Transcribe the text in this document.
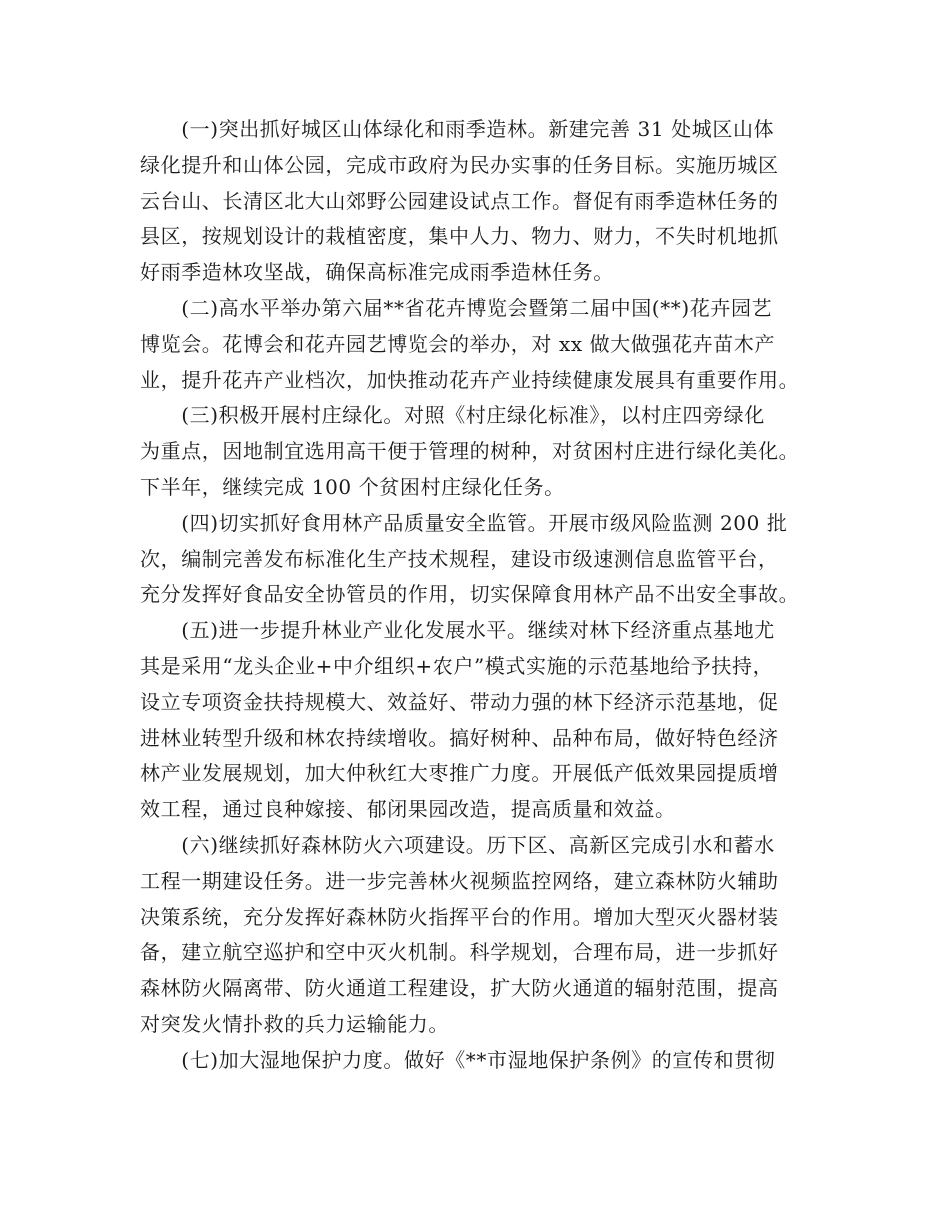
　　(一)突出抓好城区山体绿化和雨季造林。新建完善 31 处城区山体
绿化提升和山体公园，完成市政府为民办实事的任务目标。实施历城区
云台山、长清区北大山郊野公园建设试点工作。督促有雨季造林任务的
县区，按规划设计的栽植密度，集中人力、物力、财力，不失时机地抓
好雨季造林攻坚战，确保高标准完成雨季造林任务。
　　(二)高水平举办第六届**省花卉博览会暨第二届中国(**)花卉园艺
博览会。花博会和花卉园艺博览会的举办，对 xx 做大做强花卉苗木产
业，提升花卉产业档次，加快推动花卉产业持续健康发展具有重要作用。
　　(三)积极开展村庄绿化。对照《村庄绿化标准》，以村庄四旁绿化
为重点，因地制宜选用高干便于管理的树种，对贫困村庄进行绿化美化。
下半年，继续完成 100 个贫困村庄绿化任务。
　　(四)切实抓好食用林产品质量安全监管。开展市级风险监测 200 批
次，编制完善发布标准化生产技术规程，建设市级速测信息监管平台，
充分发挥好食品安全协管员的作用，切实保障食用林产品不出安全事故。
　　(五)进一步提升林业产业化发展水平。继续对林下经济重点基地尤
其是采用“龙头企业+中介组织+农户”模式实施的示范基地给予扶持，
设立专项资金扶持规模大、效益好、带动力强的林下经济示范基地，促
进林业转型升级和林农持续增收。搞好树种、品种布局，做好特色经济
林产业发展规划，加大仲秋红大枣推广力度。开展低产低效果园提质增
效工程，通过良种嫁接、郁闭果园改造，提高质量和效益。
　　(六)继续抓好森林防火六项建设。历下区、高新区完成引水和蓄水
工程一期建设任务。进一步完善林火视频监控网络，建立森林防火辅助
决策系统，充分发挥好森林防火指挥平台的作用。增加大型灭火器材装
备，建立航空巡护和空中灭火机制。科学规划，合理布局，进一步抓好
森林防火隔离带、防火通道工程建设，扩大防火通道的辐射范围，提高
对突发火情扑救的兵力运输能力。
　　(七)加大湿地保护力度。做好《**市湿地保护条例》的宣传和贯彻
